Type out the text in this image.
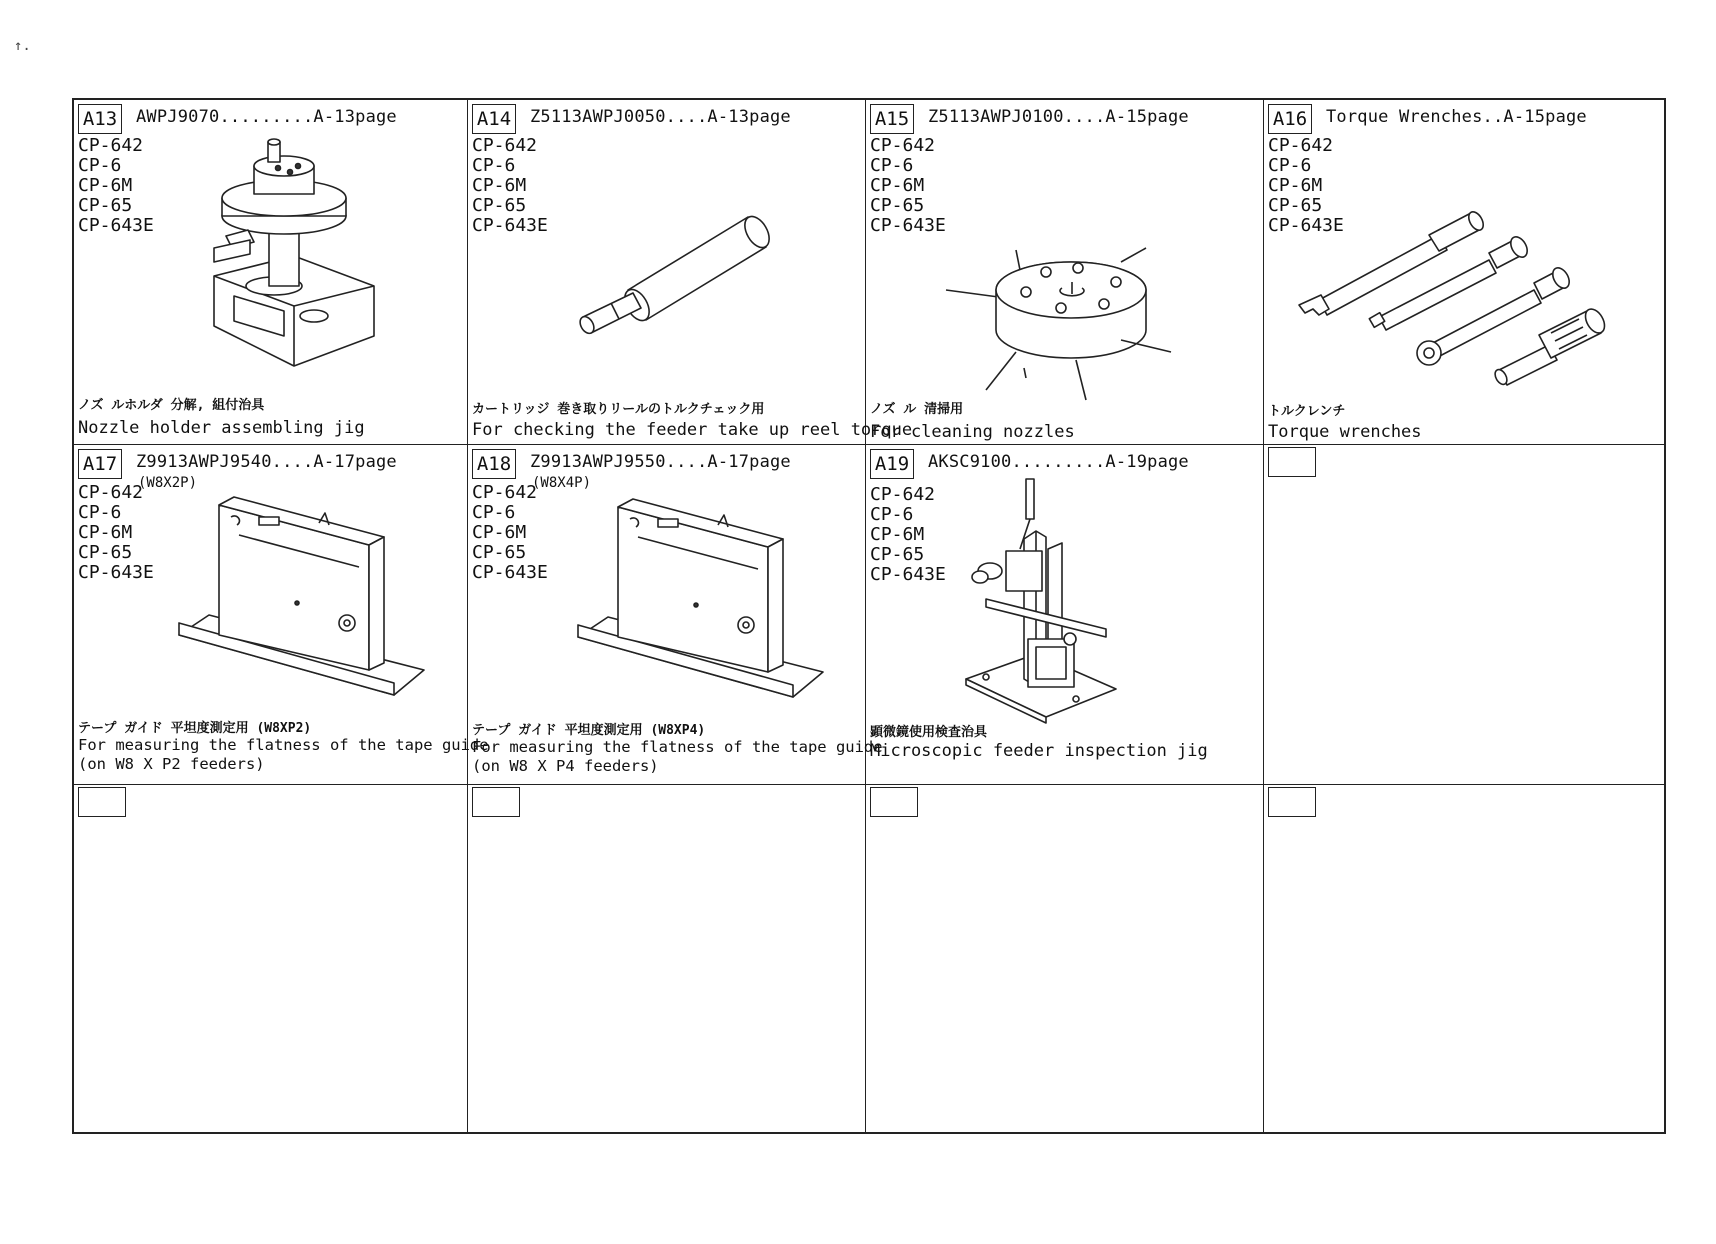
↑.
A13 AWPJ9070.........A-13page
CP-642
CP-6
CP-6M
CP-65
CP-643E
ノズ ルホルダ 分解, 組付治具
Nozzle holder assembling jig
A14 Z5113AWPJ0050....A-13page
CP-642
CP-6
CP-6M
CP-65
CP-643E
カートリッジ 巻き取りリールのトルクチェック用
For checking the feeder take up reel torque
A15 Z5113AWPJ0100....A-15page
CP-642
CP-6
CP-6M
CP-65
CP-643E
ノズ ル 清掃用
For cleaning nozzles
A16 Torque Wrenches..A-15page
CP-642
CP-6
CP-6M
CP-65
CP-643E
トルクレンチ
Torque wrenches
A17 Z9913AWPJ9540....A-17page
(W8X2P)
CP-642
CP-6
CP-6M
CP-65
CP-643E
テープ ガイド 平坦度測定用 (W8XP2)
For measuring the flatness of the tape guide
(on W8 X P2 feeders)
A18 Z9913AWPJ9550....A-17page
(W8X4P)
CP-642
CP-6
CP-6M
CP-65
CP-643E
テープ ガイド 平坦度測定用 (W8XP4)
For measuring the flatness of the tape guide
(on W8 X P4 feeders)
A19 AKSC9100.........A-19page
CP-642
CP-6
CP-6M
CP-65
CP-643E
顕微鏡使用検査治具
Microscopic feeder inspection jig
